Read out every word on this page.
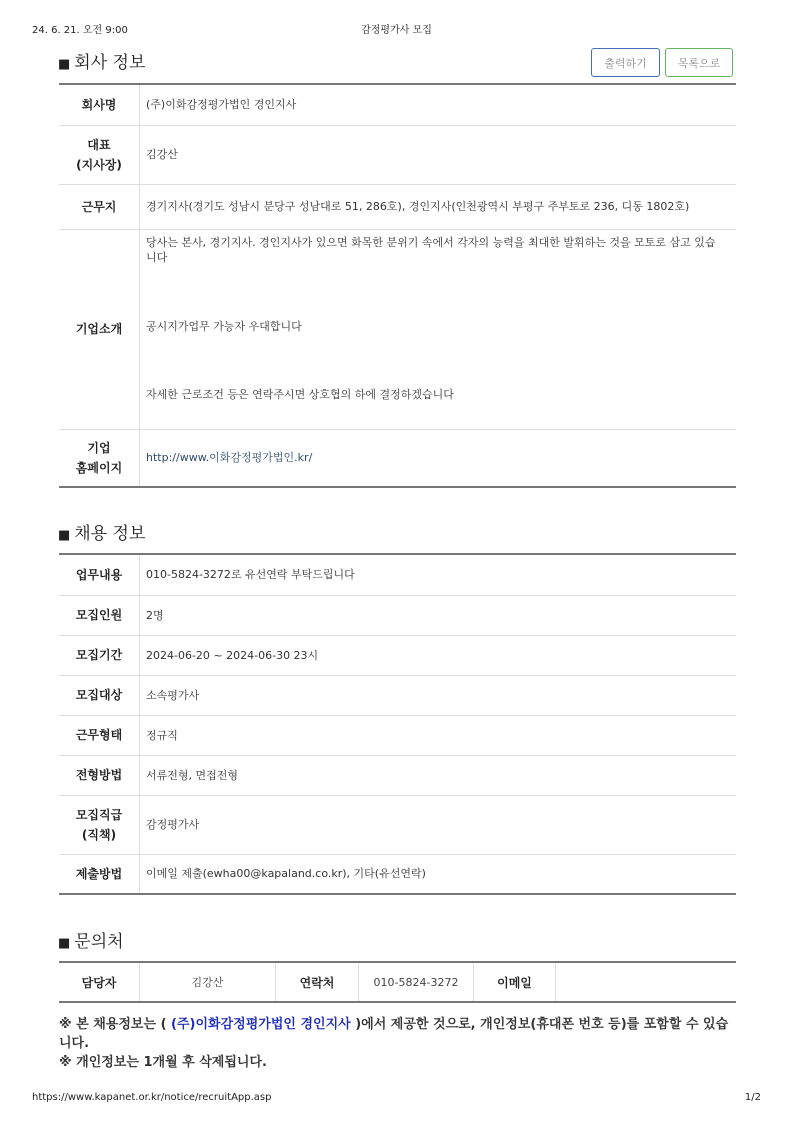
24. 6. 21. 오전 9:00	감정평가사 모집
■ 회사 정보	출력하기	목록으로
회사명	(주)이화감정평가법인 경인지사
대표
(지사장)	김강산
근무지	경기지사(경기도 성남시 분당구 성남대로 51, 286호), 경인지사(인천광역시 부평구 주부토로 236, 디동 1802호)
기업소개	당사는 본사, 경기지사. 경인지사가 있으면 화목한 분위기 속에서 각자의 능력을 최대한 발휘하는 것을 모토로 삼고 있습니다
공시지가업무 가능자 우대합니다
자세한 근로조건 등은 연락주시면 상호협의 하에 결정하겠습니다

기업
홈페이지	http://www.이화감정평가법인.kr/
■ 채용 정보
업무내용	010-5824-3272로 유선연락 부탁드립니다
모집인원	2명
모집기간	2024-06-20 ~ 2024-06-30 23시
모집대상	소속평가사
근무형태	정규직
전형방법	서류전형, 면접전형
모집직급
(직책)	감정평가사
제출방법	이메일 제출(ewha00@kapaland.co.kr), 기타(유선연락)
■ 문의처
담당자	김강산	연락처	010-5824-3272	이메일	

※ 본 채용정보는 ( (주)이화감정평가법인 경인지사 )에서 제공한 것으로, 개인정보(휴대폰 번호 등)를 포함할 수 있습니다.

※ 개인정보는 1개월 후 삭제됩니다.

https://www.kapanet.or.kr/notice/recruitApp.asp	1/2
